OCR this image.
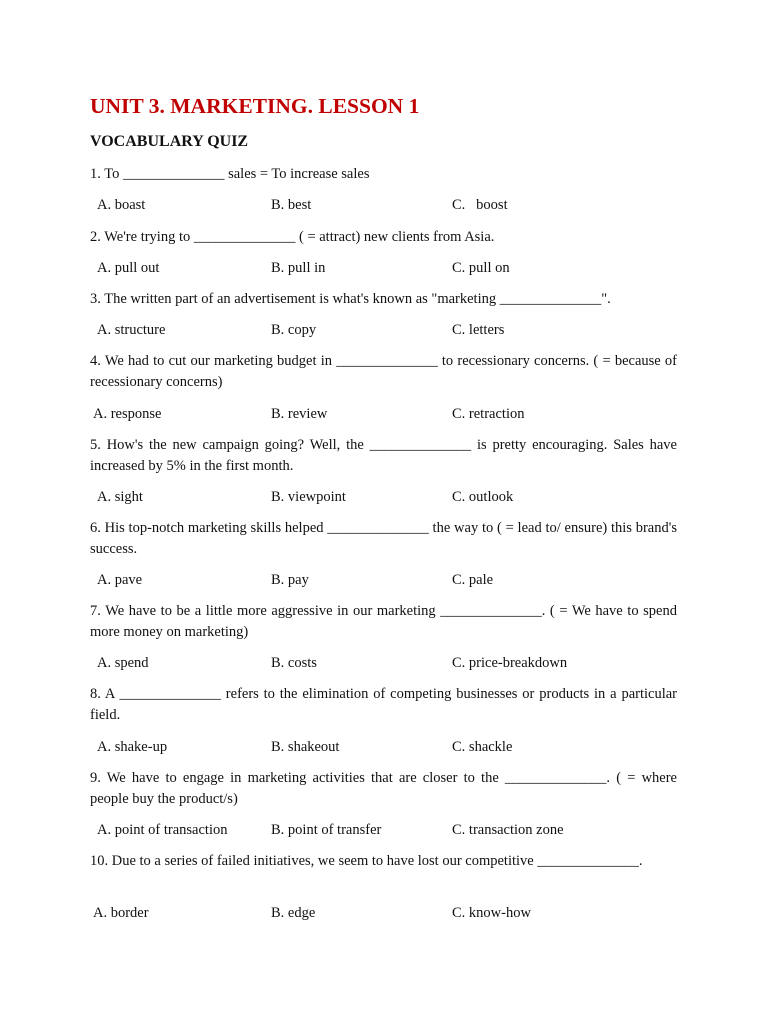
UNIT 3. MARKETING. LESSON 1
VOCABULARY QUIZ
1. To ______________ sales = To increase sales
A. boast	B. best	C.   boost
2. We're trying to ______________ ( = attract) new clients from Asia.
A. pull out	B. pull in	C. pull on
3. The written part of an advertisement is what's known as "marketing ______________".
A. structure	B. copy	C. letters
4. We had to cut our marketing budget in ______________ to recessionary concerns. ( = because of recessionary concerns)
A. response	B. review	C. retraction
5. How's the new campaign going? Well, the ______________ is pretty encouraging. Sales have increased by 5% in the first month.
A. sight	B. viewpoint	C. outlook
6. His top-notch marketing skills helped ______________ the way to ( = lead to/ ensure) this brand's success.
A. pave	B. pay	C. pale
7. We have to be a little more aggressive in our marketing ______________. ( = We have to spend more money on marketing)
A. spend	B. costs	C. price-breakdown
8. A ______________ refers to the elimination of competing businesses or products in a particular field.
A. shake-up	B. shakeout	C. shackle
9. We have to engage in marketing activities that are closer to the ______________. ( = where people buy the product/s)
A. point of transaction	B. point of transfer	C. transaction zone
10. Due to a series of failed initiatives, we seem to have lost our competitive ______________.
A. border	B. edge	C. know-how
